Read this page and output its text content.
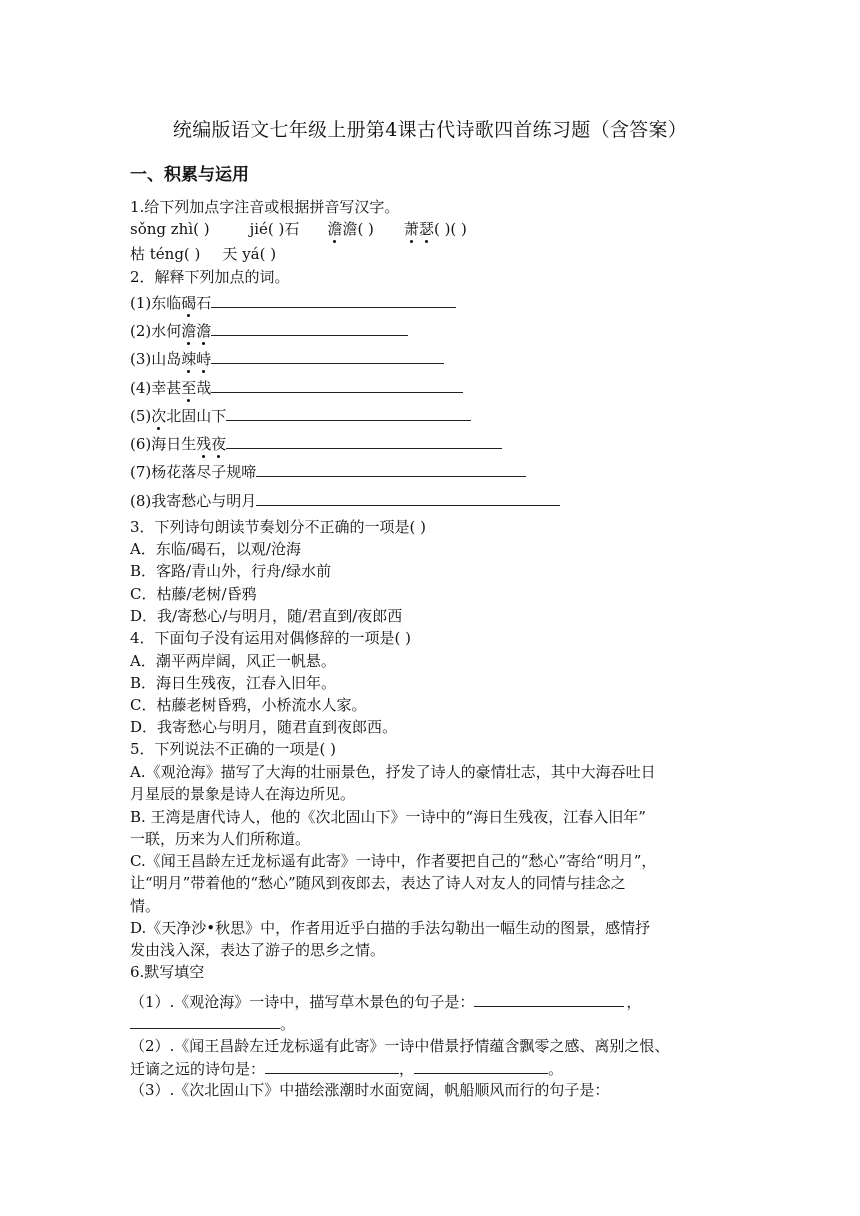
统编版语文七年级上册第4课古代诗歌四首练习题（含答案）
一、积累与运用
1.给下列加点字注音或根据拼音写汉字。
sǒng zhì( )	jié( )石 澹澹( ) 萧瑟( )( )
枯 téng( ) 天 yá( )
2．解释下列加点的词。
(1)东临碣石
(2)水何澹澹
(3)山岛竦峙
(4)幸甚至哉
(5)次北固山下
(6)海日生残夜
(7)杨花落尽子规啼
(8)我寄愁心与明月
3．下列诗句朗读节奏划分不正确的一项是( )
A．东临/碣石，以观/沧海
B．客路/青山外，行舟/绿水前
C．枯藤/老树/昏鸦
D．我/寄愁心/与明月，随/君直到/夜郎西
4．下面句子没有运用对偶修辞的一项是( )
A．潮平两岸阔，风正一帆悬。
B．海日生残夜，江春入旧年。
C．枯藤老树昏鸦，小桥流水人家。
D．我寄愁心与明月，随君直到夜郎西。
5．下列说法不正确的一项是( )
A.《观沧海》描写了大海的壮丽景色，抒发了诗人的豪情壮志，其中大海吞吐日
月星辰的景象是诗人在海边所见。
B. 王湾是唐代诗人，他的《次北固山下》一诗中的“海日生残夜，江春入旧年”
一联，历来为人们所称道。
C.《闻王昌龄左迁龙标遥有此寄》一诗中，作者要把自己的“愁心”寄给“明月”，
让“明月”带着他的“愁心”随风到夜郎去，表达了诗人对友人的同情与挂念之
情。
D.《天净沙•秋思》中，作者用近乎白描的手法勾勒出一幅生动的图景，感情抒
发由浅入深，表达了游子的思乡之情。
6.默写填空
（1）.《观沧海》一诗中，描写草木景色的句子是：	，
。
（2）.《闻王昌龄左迁龙标遥有此寄》一诗中借景抒情蕴含飘零之感、离别之恨、
迁谪之远的诗句是：	，	。
（3）.《次北固山下》中描绘涨潮时水面宽阔，帆船顺风而行的句子是：
